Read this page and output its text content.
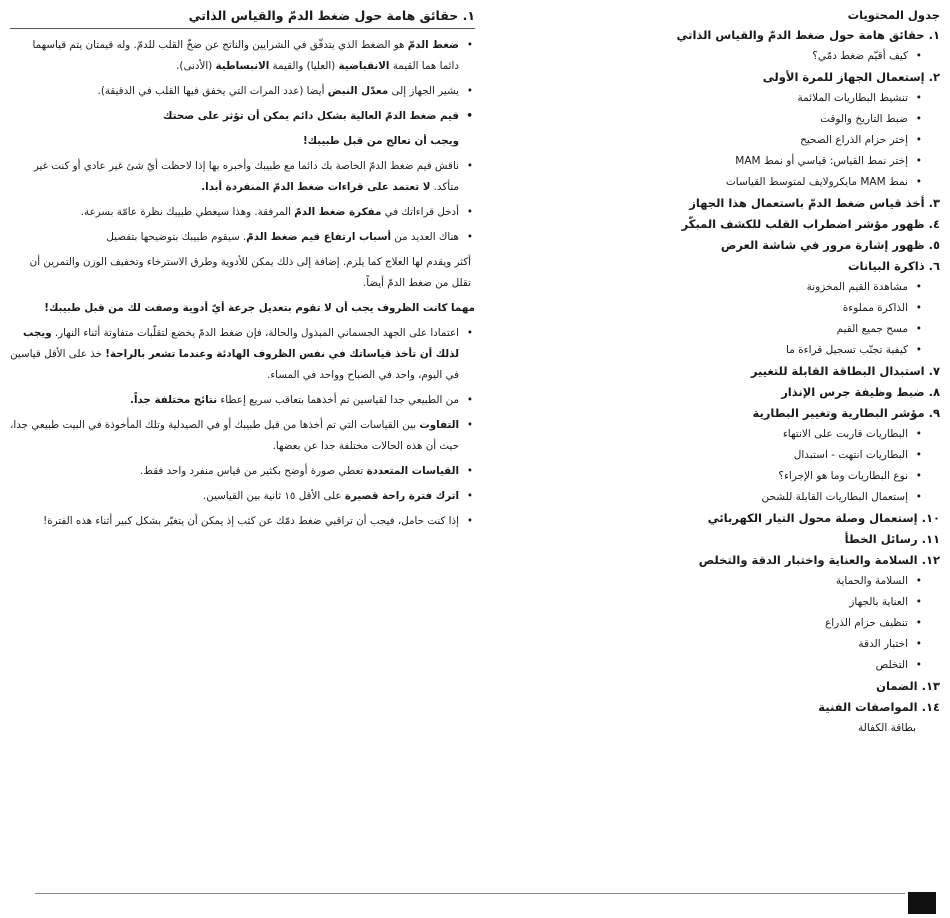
جدول المحتويات
١. حقائق هامة حول ضغط الدمّ والقياس الذاتي
• كيف أقيّم ضغط دمّي؟
٢. إستعمال الجهاز للمرة الأولى
• تنشيط البطاريات الملائمة
• ضبط التاريخ والوقت
• إختر حزام الذراع الصحيح
• إختر نمط القياس: قياسي أو نمط MAM
• نمط MAM مايكرولايف لمتوسط القياسات
٣. أخذ قياس ضغط الدمّ باستعمال هذا الجهاز
٤. ظهور مؤشر اضطراب القلب للكشف المبكّر
٥. ظهور إشارة مرور في شاشة العرض
٦. ذاكرة البيانات
• مشاهدة القيم المخزونة
• الذاكرة مملوءة
• مسح جميع القيم
• كيفية تجنّب تسجيل قراءة ما
٧. استبدال البطاقة القابلة للتغيير
٨. ضبط وظيفة جرس الإنذار
٩. مؤشر البطارية وتغيير البطارية
• البطاريات قاربت على الانتهاء
• البطاريات انتهت - استبدال
• نوع البطاريات وما هو الإجراء؟
• إستعمال البطاريات القابلة للشحن
١٠. إستعمال وصلة محول التيار الكهربائي
١١. رسائل الخطأ
١٢. السلامة والعناية واختبار الدقة والتخلص
• السلامة والحماية
• العناية بالجهاز
• تنظيف حزام الذراع
• اختبار الدقة
• التخلص
١٣. الضمان
١٤. المواصفات الفنية
بطاقة الكفالة
١. حقائق هامة حول ضغط الدمّ والقياس الذاتي
• ضغط الدمّ هو الضغط الذي يتدفّق في الشرايين والناتج عن ضخّ القلب للدمّ. وله قيمتان يتم قياسهما دائما هما القيمة الانقباضية (العليا) والقيمة الانبساطية (الأدنى).
• يشير الجهاز إلى معدّل النبض أيضا (عدد المرات التي يخفق فيها القلب في الدقيقة).
• قيم ضغط الدمّ العالية بشكل دائم يمكن أن تؤثر على صحتك
ويجب أن تعالج من قبل طبيبك!
• ناقش قيم ضغط الدمّ الخاصة بك دائما مع طبيبك وأخبره بها إذا لاحظت أيّ شئ غير عادي أو كنت غير متأكد. لا تعتمد على قراءات ضغط الدمّ المنفردة أبدا.
• أدخل قراءاتك في مفكرة ضغط الدمّ المرفقة. وهذا سيعطي طبيبك نظرة عامّة بسرعة.
• هناك العديد من أسباب ارتفاع قيم ضغط الدمّ. سيقوم طبيبك بتوضيحها بتفصيل

أكثر ويقدم لها العلاج كما يلزم. إضافة إلى ذلك يمكن للأدوية وطرق الاسترخاء وتخفيف الوزن والتمرين أن تقلل من ضغط الدمّ أيضاً.

مهما كانت الظروف يجب أن لا تقوم بتعديل جرعة أيّ أدوية وصفت لك من قبل طبيبك!
• اعتمادا على الجهد الجسماني المبذول والحالة، فإن ضغط الدمّ يخضع لتقلّبات متفاوتة أثناء النهار. ويجب لذلك أن تأخذ قياساتك في نفس الظروف الهادئة وعندما تشعر بالراحة! خذ على الأقل قياسين في اليوم، واحد في الصباح وواحد في المساء.
• من الطبيعي جدا لقياسين تم أخذهما بتعاقب سريع إعطاء نتائج مختلفة جداً.
• التفاوت بين القياسات التي تم أخذها من قبل طبيبك أو في الصيدلية وتلك المأخوذة في البيت طبيعي جدا، حيث أن هذه الحالات مختلفة جدا عن بعضها.
• القياسات المتعددة تعطي صورة أوضح بكثير من قياس منفرد واحد فقط.
• اترك فترة راحة قصيرة على الأقل ١٥ ثانية بين القياسين.
• إذا كنت حامل، فيجب أن تراقبي ضغط دمّك عن كثب إذ يمكن أن يتغيّر بشكل كبير أثناء هذه الفترة!
